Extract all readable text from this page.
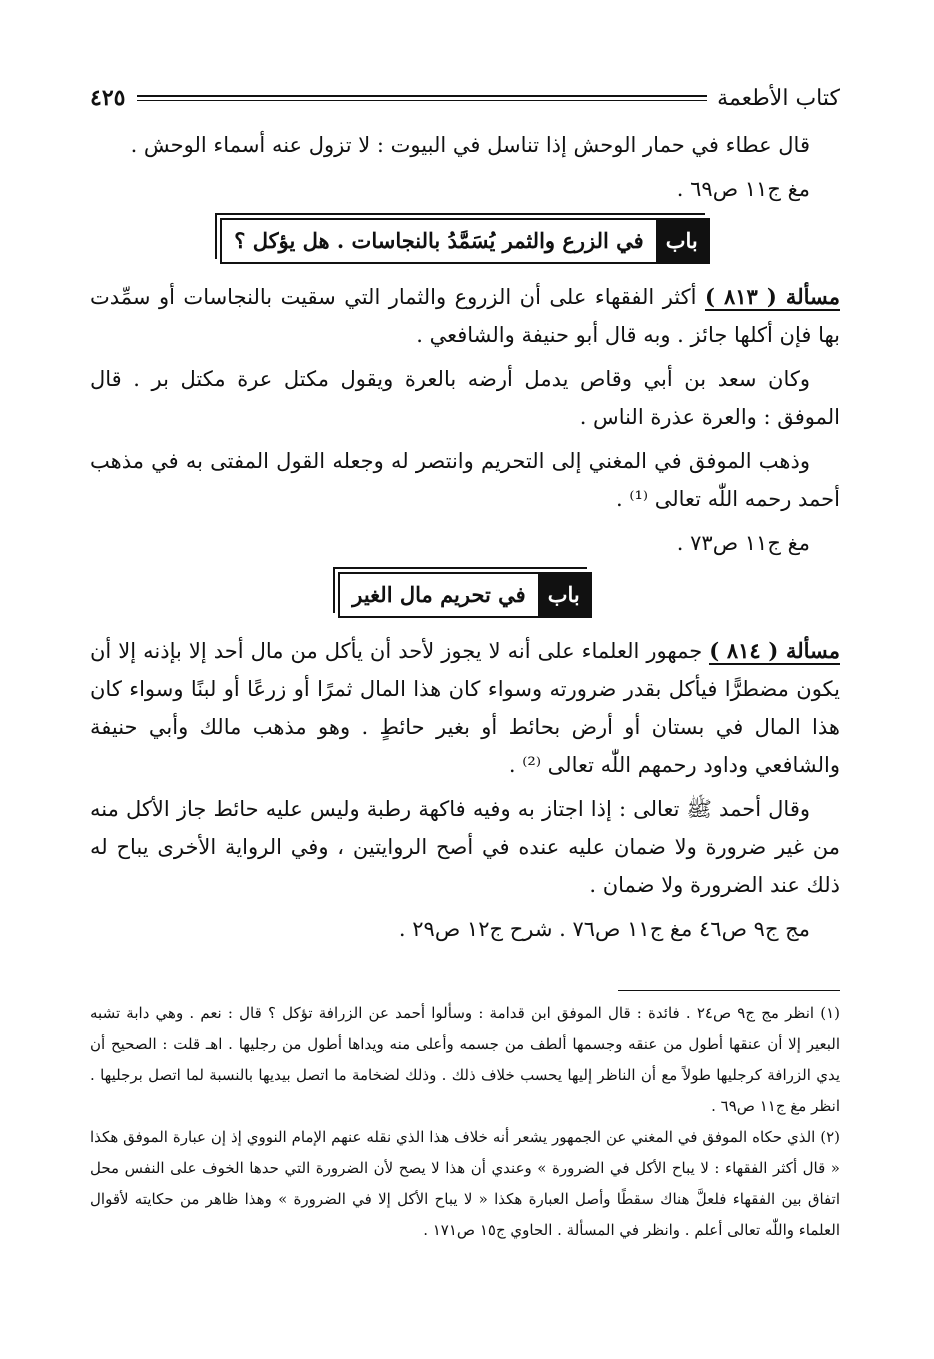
كتاب الأطعمة
٤٢٥

قال عطاء في حمار الوحش إذا تناسل في البيوت : لا تزول عنه أسماء الوحش .

مغ ج١١ ص٦٩ .

باب
في الزرع والثمر يُسَمَّدُ بالنجاسات . هل يؤكل ؟

مسألة ( ٨١٣ ) أكثر الفقهاء على أن الزروع والثمار التي سقيت بالنجاسات أو سمِّدت بها فإن أكلها جائز . وبه قال أبو حنيفة والشافعي .

وكان سعد بن أبي وقاص يدمل أرضه بالعرة ويقول مكتل عرة مكتل بر . قال الموفق : والعرة عذرة الناس .

وذهب الموفق في المغني إلى التحريم وانتصر له وجعله القول المفتى به في مذهب أحمد رحمه اللّٰه تعالى ⁽¹⁾ .

مغ ج١١ ص٧٣ .

باب
في تحريم مال الغير

مسألة ( ٨١٤ ) جمهور العلماء على أنه لا يجوز لأحد أن يأكل من مال أحد إلا بإذنه إلا أن يكون مضطرًّا فيأكل بقدر ضرورته وسواء كان هذا المال ثمرًا أو زرعًا أو لبنًا وسواء كان هذا المال في بستان أو أرض بحائط أو بغير حائطٍ . وهو مذهب مالك وأبي حنيفة والشافعي وداود رحمهم اللّٰه تعالى ⁽²⁾ .

وقال أحمد ﷺ تعالى : إذا اجتاز به وفيه فاكهة رطبة وليس عليه حائط جاز الأكل منه من غير ضرورة ولا ضمان عليه عنده في أصح الروايتين ، وفي الرواية الأخرى يباح له ذلك عند الضرورة ولا ضمان .

مج ج٩ ص٤٦ مغ ج١١ ص٧٦ . شرح ج١٢ ص٢٩ .

(١) انظر مج ج٩ ص٢٤ . فائدة : قال الموفق ابن قدامة : وسألوا أحمد عن الزرافة تؤكل ؟ قال : نعم . وهي دابة تشبه البعير إلا أن عنقها أطول من عنقه وجسمها ألطف من جسمه وأعلى منه ويداها أطول من رجليها . اهـ قلت : الصحيح أن يدي الزرافة كرجليها طولاً مع أن الناظر إليها يحسب خلاف ذلك . وذلك لضخامة ما اتصل بيديها بالنسبة لما اتصل برجليها . انظر مغ ج١١ ص٦٩ .

(٢) الذي حكاه الموفق في المغني عن الجمهور يشعر أنه خلاف هذا الذي نقله عنهم الإمام النووي إذ إن عبارة الموفق هكذا « قال أكثر الفقهاء : لا يباح الأكل في الضرورة » وعندي أن هذا لا يصح لأن الضرورة التي حدها الخوف على النفس محل اتفاق بين الفقهاء فلعلَّ هناك سقطًا وأصل العبارة هكذا « لا يباح الأكل إلا في الضرورة » وهذا ظاهر من حكايته لأقوال العلماء واللّٰه تعالى أعلم . وانظر في المسألة . الحاوي ج١٥ ص١٧١ .
